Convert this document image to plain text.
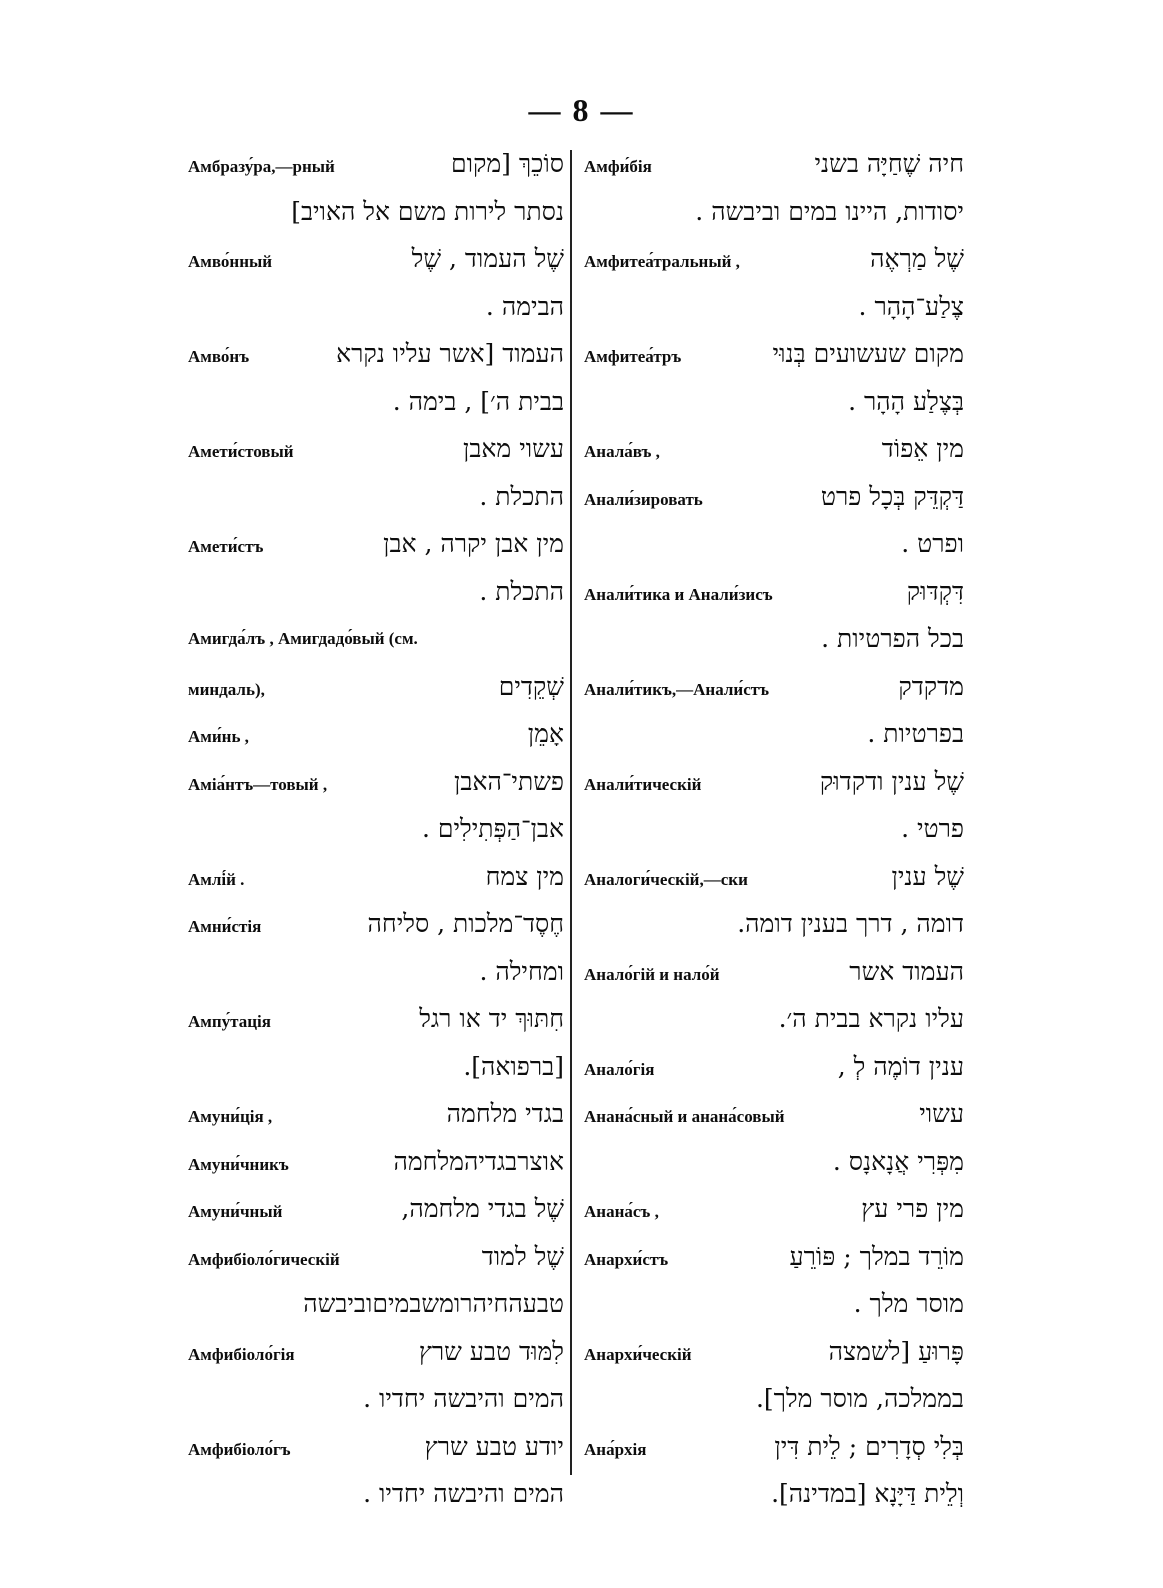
— 8 —
Амбразу́ра,—рный	סוֹכֵךְ [מקום
נסתר לירות משם אל האויב]
Амво́нный	שֶׁל העמוד , שֶׁל
הבימה .
Амво́нъ	העמוד [אשר עליו נקרא
בבית ה׳] , בימה .
Амети́стовый	עשוי מאבן
התכלת .
Амети́стъ	מין אבן יקרה , אבן
התכלת .
Амигда́лъ , Амигдадо́вый (см.
миндаль),	שְׁקֵדִים
Ами́нь ,	אָמֵן
Аміа́нтъ—товый ,	פשתי־האבן
אבן־הַפְּתִילִים .
Амлі́й .	מין צמח
Амни́стія	חֶסֶד־מלכות , סליחה
ומחילה .
Ампу́тація	חִתּוּךְ יד או רגל
[ברפואה].
Амуни́ція ,	בגדי מלחמה
Амуни́чникъ	אוצרבגדיהמלחמה
Амуни́чный	שֶׁל בגדי מלחמה,
Амфибіоло́гическій	שֶׁל למוד
טבעהחיהרומשבמיםוביבשה
Амфибіоло́гія	לִמּוּד טבע שרץ
המים והיבשה יחדיו .
Амфибіоло́гъ	יודע טבע שרץ
המים והיבשה יחדיו .
Амфи́бія	חיה שֶׁחַיָּה בשני
יסודות, היינו במים וביבשה .
Амфитеа́тральный ,	שֶׁל מַרְאֶה
צֶלַע־הָהָר .
Амфитеа́тръ	מקום שעשועים בְּנוּי
בְּצֶלַע הָהָר .
Анала́въ ,	מין אֵפוֹד
Анали́зировать	דַּקְדֵּק בְּכָל פרט
ופרט .
Анали́тика и Анали́зисъ	דִּקְדּוּק
בכל הפרטיות .
Анали́тикъ,—Анали́стъ	מדקדק
בפרטיות .
Анали́тическій	שֶׁל ענין ודקדוּק
פרטי .
Аналоги́ческій,—ски	שֶׁל ענין
דומה , דרך בענין דומה.
Анало́гій и нало́й	העמוד אשר
עליו נקרא בבית ה׳.
Анало́гія	ענין דוֹמֶה לְ ,
Анана́сный и анана́совый	עשוי
מִפְּרִי אֲנָאנָס .
Анана́съ ,	מין פרי עץ
Анархи́стъ	מוֹרֵד במלך ; פּוֹרֵעַ
מוסר מלך .
Анархи́ческій	פָּרוּעַ [לשמצה
בממלכה, מוסר מלך].
Ана́рхія	בְּלִי סְדָרִים ; לֵית דִּין
וְלֵית דַּיָּנָא [במדינה].
